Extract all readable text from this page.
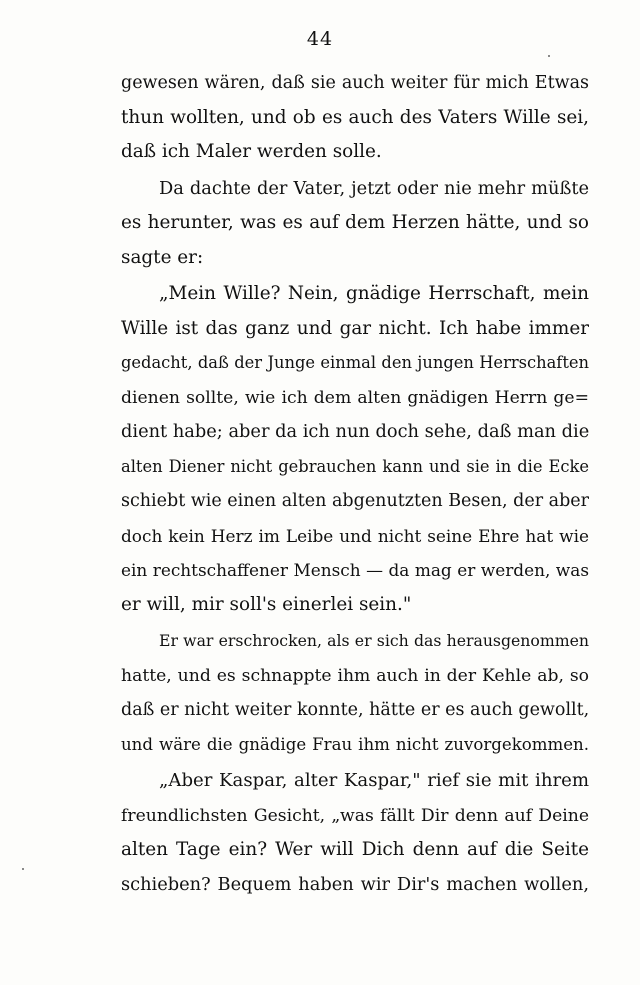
44
gewesen wären, daß sie auch weiter für mich Etwas
thun wollten, und ob es auch des Vaters Wille sei,
daß ich Maler werden solle.
Da dachte der Vater, jetzt oder nie mehr müßte
es herunter, was es auf dem Herzen hätte, und so
sagte er:
„Mein Wille? Nein, gnädige Herrschaft, mein
Wille ist das ganz und gar nicht. Ich habe immer
gedacht, daß der Junge einmal den jungen Herrschaften
dienen sollte, wie ich dem alten gnädigen Herrn ge=
dient habe; aber da ich nun doch sehe, daß man die
alten Diener nicht gebrauchen kann und sie in die Ecke
schiebt wie einen alten abgenutzten Besen, der aber
doch kein Herz im Leibe und nicht seine Ehre hat wie
ein rechtschaffener Mensch — da mag er werden, was
er will, mir soll's einerlei sein."
Er war erschrocken, als er sich das herausgenommen
hatte, und es schnappte ihm auch in der Kehle ab, so
daß er nicht weiter konnte, hätte er es auch gewollt,
und wäre die gnädige Frau ihm nicht zuvorgekommen.
„Aber Kaspar, alter Kaspar," rief sie mit ihrem
freundlichsten Gesicht, „was fällt Dir denn auf Deine
alten Tage ein? Wer will Dich denn auf die Seite
schieben? Bequem haben wir Dir's machen wollen,
